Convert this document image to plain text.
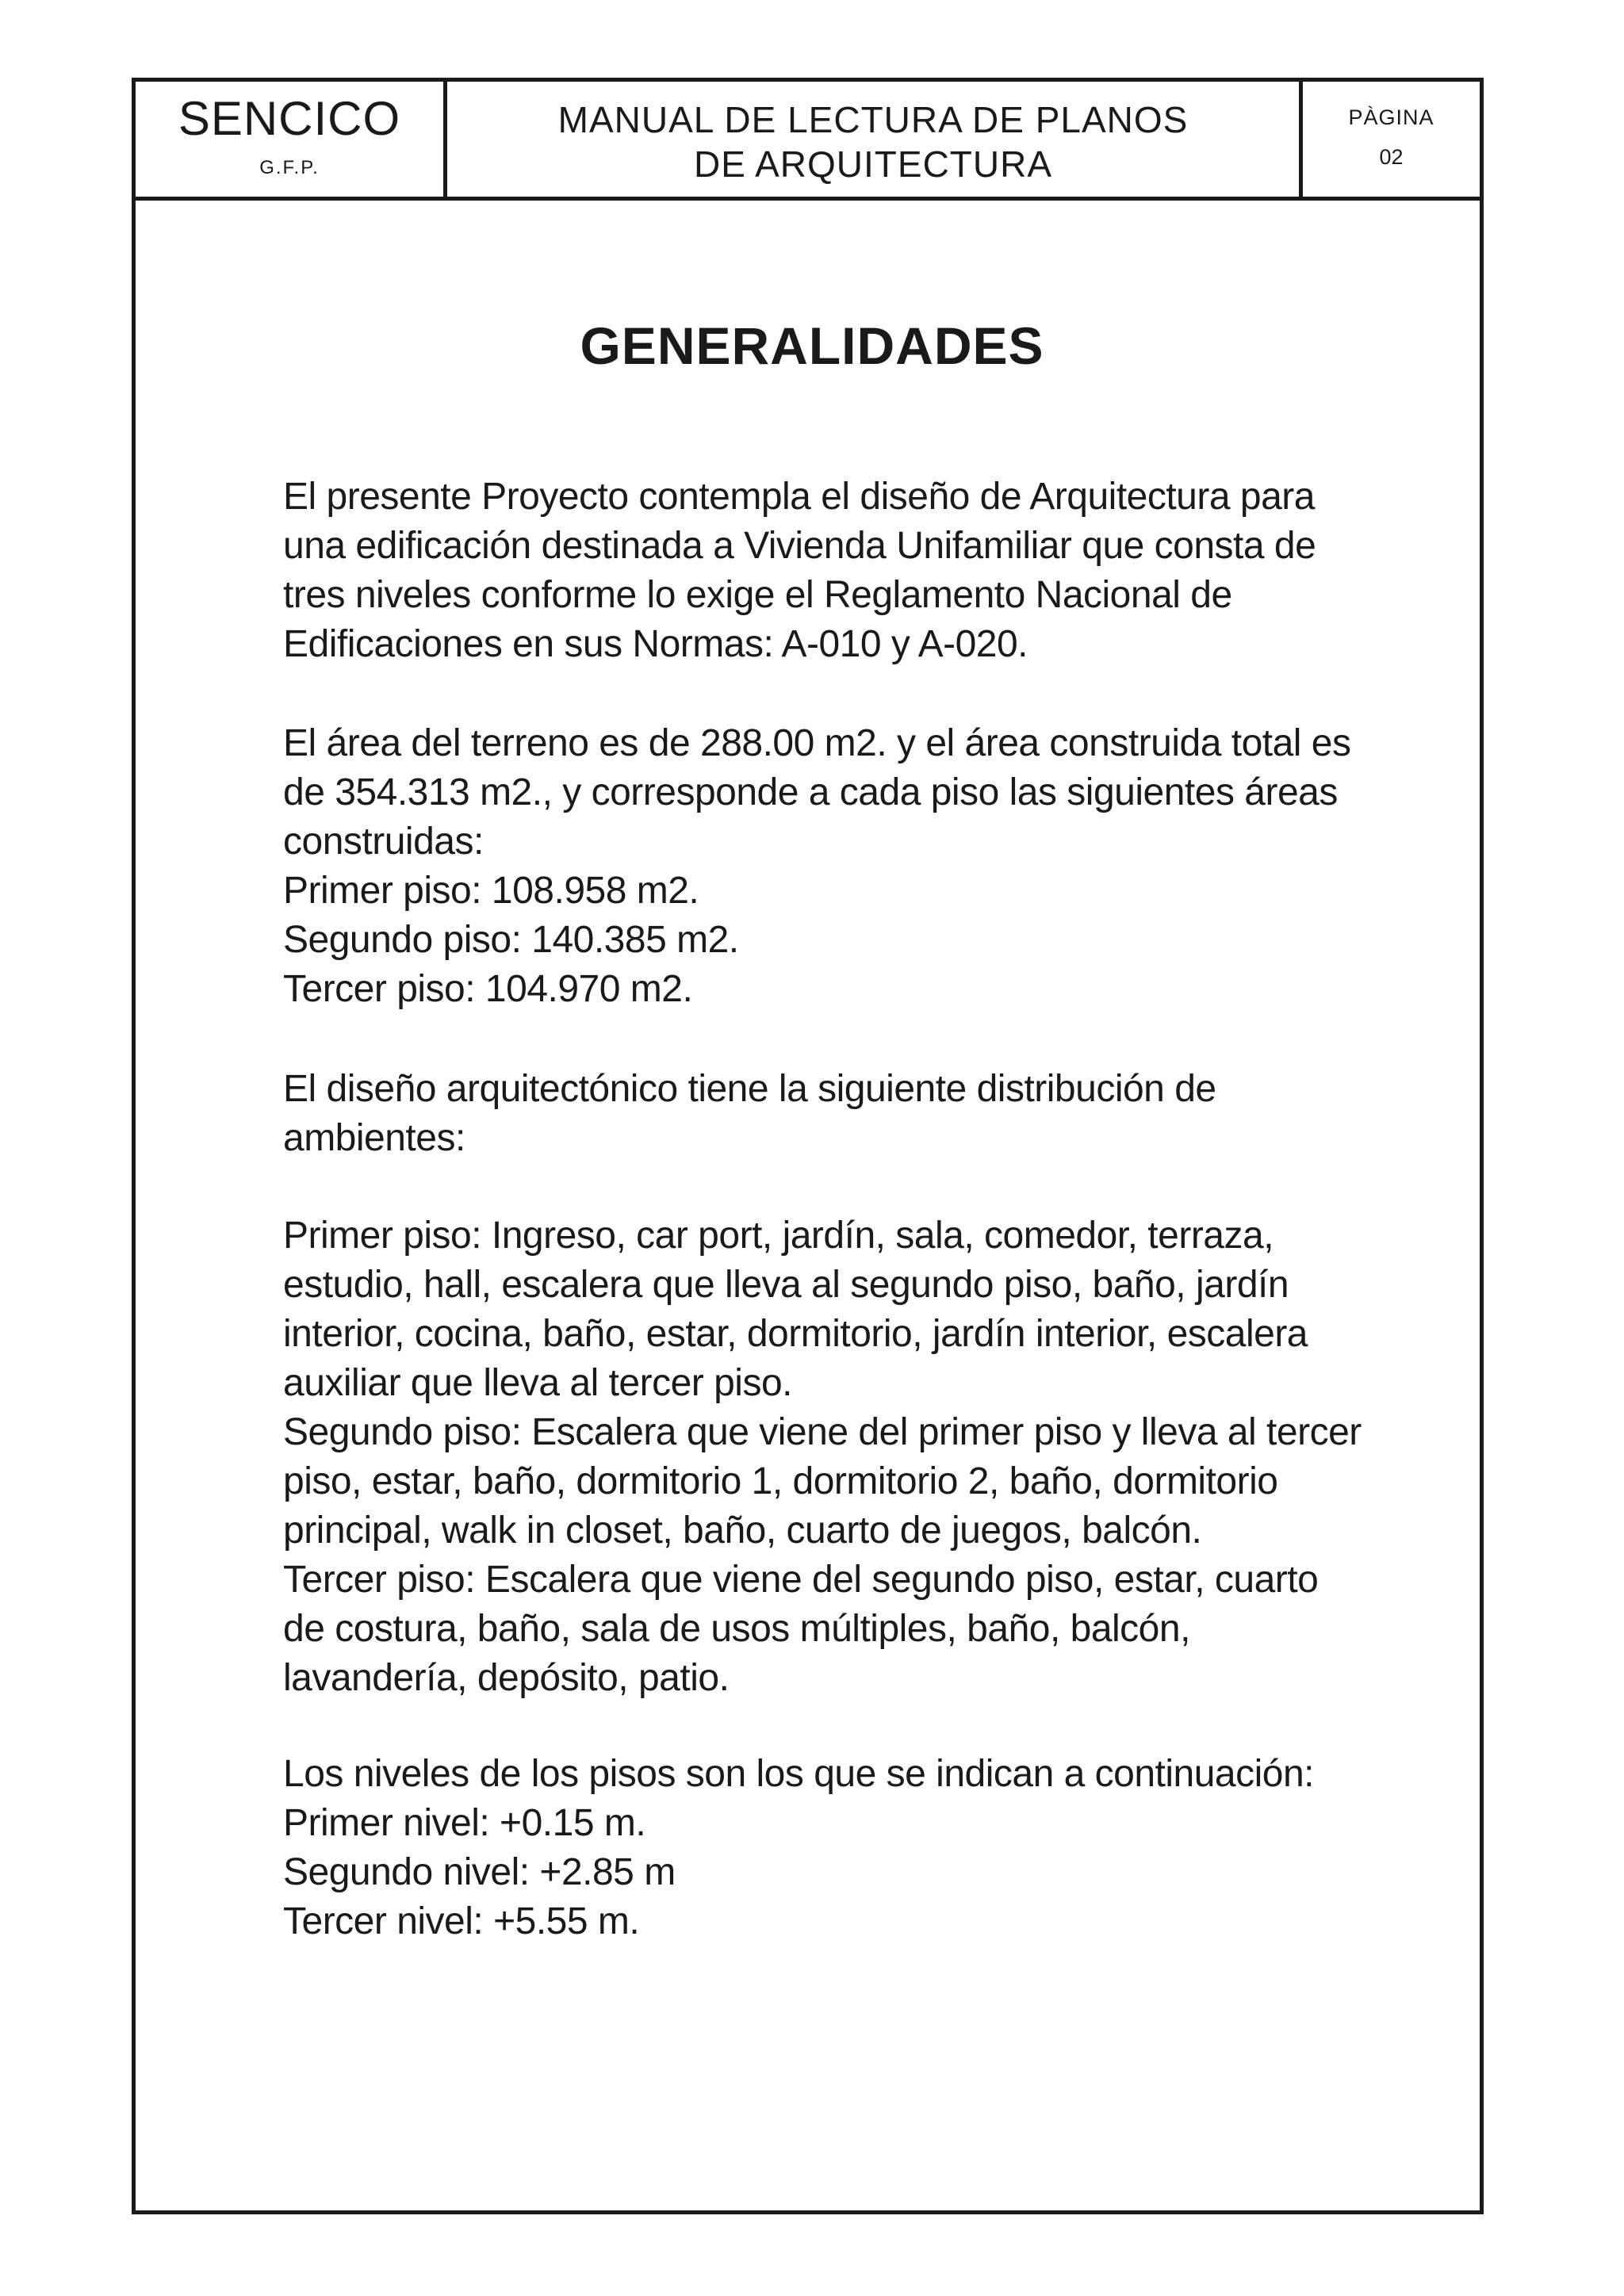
SENCICO
G.F.P.
MANUAL DE LECTURA DE PLANOS
DE ARQUITECTURA
PÀGINA
02
GENERALIDADES
El presente Proyecto contempla el diseño de Arquitectura para
una edificación destinada a Vivienda Unifamiliar que consta de
tres niveles conforme lo exige el Reglamento Nacional de
Edificaciones en sus Normas: A-010 y A-020.
El área del terreno es de 288.00 m2. y el área construida total es
de 354.313 m2., y corresponde a cada piso las siguientes áreas
construidas:
Primer piso: 108.958 m2.
Segundo piso: 140.385 m2.
Tercer piso: 104.970 m2.
El diseño arquitectónico tiene la siguiente distribución de
ambientes:
Primer piso: Ingreso, car port, jardín, sala, comedor, terraza,
estudio, hall, escalera que lleva al segundo piso, baño, jardín
interior, cocina, baño, estar, dormitorio, jardín interior, escalera
auxiliar que lleva al tercer piso.
Segundo piso: Escalera que viene del primer piso y lleva al tercer
piso, estar, baño, dormitorio 1, dormitorio 2, baño, dormitorio
principal, walk in closet, baño, cuarto de juegos, balcón.
Tercer piso: Escalera que viene del segundo piso, estar, cuarto
de costura, baño, sala de usos múltiples, baño, balcón,
lavandería, depósito, patio.
Los niveles de los pisos son los que se indican a continuación:
Primer nivel: +0.15 m.
Segundo nivel: +2.85 m
Tercer nivel: +5.55 m.
